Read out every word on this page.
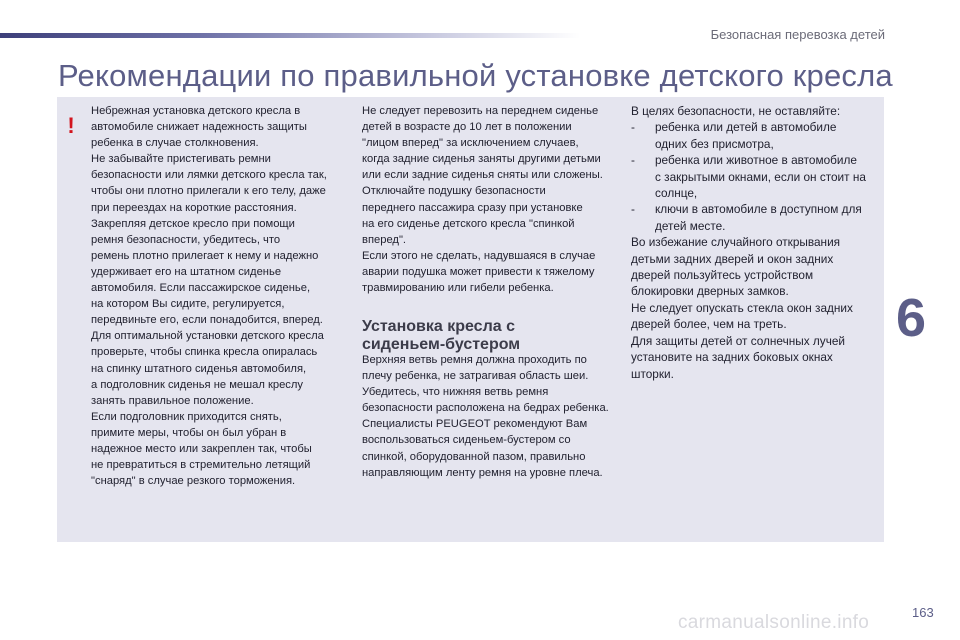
Безопасная перевозка детей
Рекомендации по правильной установке детского кресла
!

Небрежная установка детского кресла в

автомобиле снижает надежность защиты

ребенка в случае столкновения.

Не забывайте пристегивать ремни

безопасности или лямки детского кресла так,

чтобы они плотно прилегали к его телу, даже

при переездах на короткие расстояния.

Закрепляя детское кресло при помощи

ремня безопасности, убедитесь, что

ремень плотно прилегает к нему и надежно

удерживает его на штатном сиденье

автомобиля. Если пассажирское сиденье,

на котором Вы сидите, регулируется,

передвиньте его, если понадобится, вперед.

Для оптимальной установки детского кресла

проверьте, чтобы спинка кресла опиралась

на спинку штатного сиденья автомобиля,

а подголовник сиденья не мешал креслу

занять правильное положение.

Если подголовник приходится снять,

примите меры, чтобы он был убран в

надежное место или закреплен так, чтобы

не превратиться в стремительно летящий

"снаряд" в случае резкого торможения.

Не следует перевозить на переднем сиденье

детей в возрасте до 10 лет в положении

"лицом вперед" за исключением случаев,

когда задние сиденья заняты другими детьми

или если задние сиденья сняты или сложены.

Отключайте подушку безопасности

переднего пассажира сразу при установке

на его сиденье детского кресла "спинкой

вперед".

Если этого не сделать, надувшаяся в случае

аварии подушка может привести к тяжелому

травмированию или гибели ребенка.

Установка кресла с сиденьем-бустером

Верхняя ветвь ремня должна проходить по

плечу ребенка, не затрагивая область шеи.

Убедитесь, что нижняя ветвь ремня

безопасности расположена на бедрах ребенка.

Специалисты PEUGEOT рекомендуют Вам

воспользоваться сиденьем-бустером со

спинкой, оборудованной пазом, правильно

направляющим ленту ремня на уровне плеча.

В целях безопасности, не оставляйте:

-	ребенка или детей в автомобиле

одних без присмотра,

-	ребенка или животное в автомобиле

с закрытыми окнами, если он стоит на

солнце,

-	ключи в автомобиле в доступном для

детей месте.

Во избежание случайного открывания

детьми задних дверей и окон задних

дверей пользуйтесь устройством

блокировки дверных замков.

Не следует опускать стекла окон задних

дверей более, чем на треть.

Для защиты детей от солнечных лучей

установите на задних боковых окнах

шторки.

6
carmanualsonline.info	163
